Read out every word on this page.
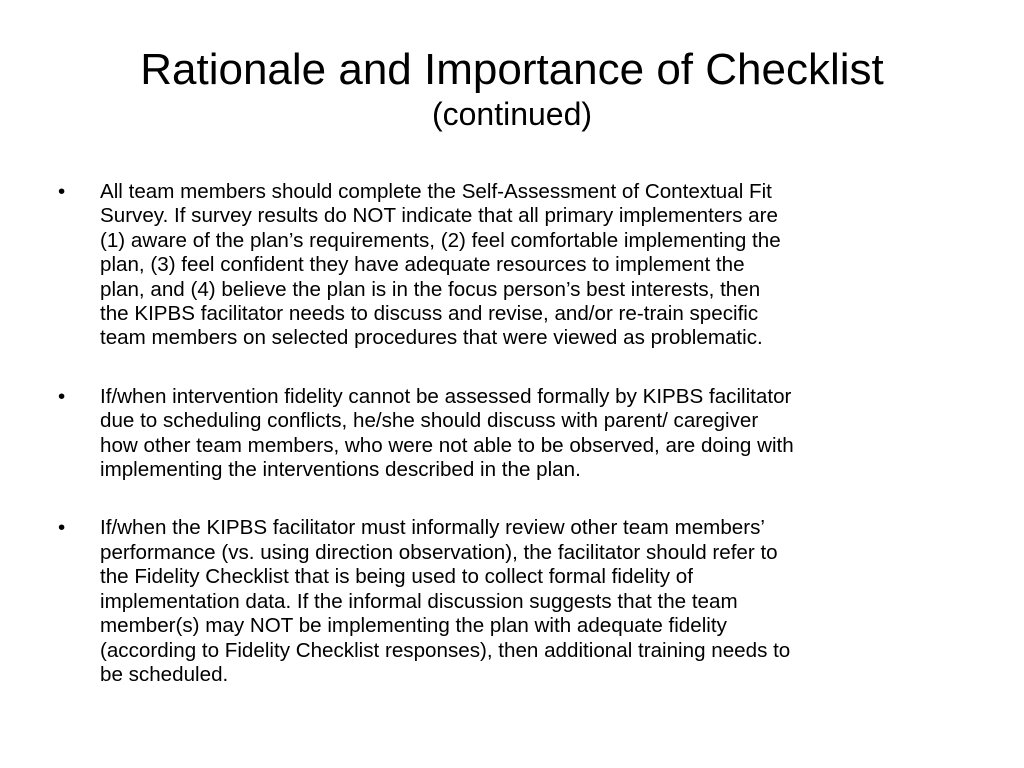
Rationale and Importance of Checklist
(continued)
• All team members should complete the Self-Assessment of Contextual Fit
Survey. If survey results do NOT indicate that all primary implementers are
(1) aware of the plan’s requirements, (2) feel comfortable implementing the
plan, (3) feel confident they have adequate resources to implement the
plan, and (4) believe the plan is in the focus person’s best interests, then
the KIPBS facilitator needs to discuss and revise, and/or re-train specific
team members on selected procedures that were viewed as problematic.
• If/when intervention fidelity cannot be assessed formally by KIPBS facilitator
due to scheduling conflicts, he/she should discuss with parent/ caregiver
how other team members, who were not able to be observed, are doing with
implementing the interventions described in the plan.
• If/when the KIPBS facilitator must informally review other team members’
performance (vs. using direction observation), the facilitator should refer to
the Fidelity Checklist that is being used to collect formal fidelity of
implementation data. If the informal discussion suggests that the team
member(s) may NOT be implementing the plan with adequate fidelity
(according to Fidelity Checklist responses), then additional training needs to
be scheduled.
